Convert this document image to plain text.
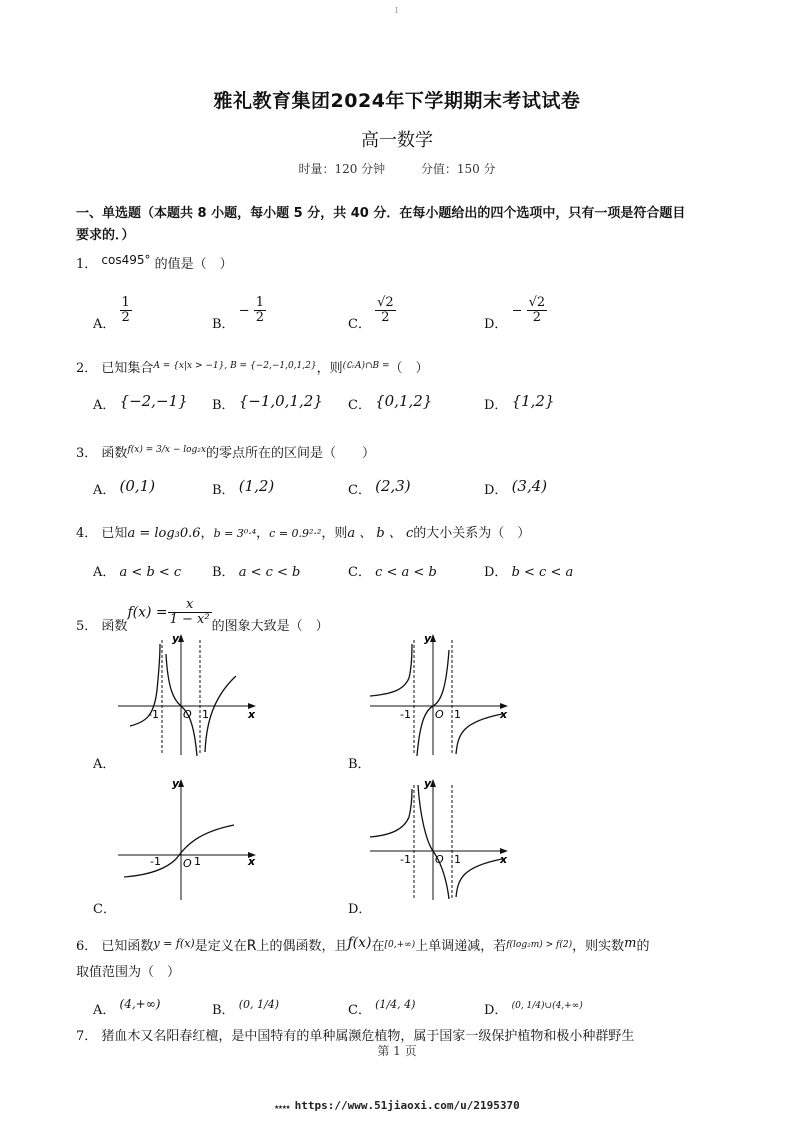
I
雅礼教育集团2024年下学期期末考试试卷
高一数学
时量：120 分钟	分值：150 分
一、单选题（本题共 8 小题，每小题 5 分，共 40 分．在每小题给出的四个选项中，只有一项是符合题目
要求的．）
1． cos495° 的值是（　）
A． $\frac{1}{2}$	B． − $\frac{1}{2}$	C． $\frac{√2}{2}$	D． − $\frac{√2}{2}$
2． 已知集合$^{A = \{x|x > -1\}, B = \{-2,-1,0,1,2\}}$，则$^{(∁ᵣA)\cap B =}$（　）
A． {−2,−1} B． {−1,0,1,2} C． {0,1,2}	D． {1,2}
3． 函数$^{f(x) = 3/x - log_2x}$的零点所在的区间是（　　）
A． (0,1)	B． (1,2)	C． (2,3)	D． (3,4)
4． 已知a = log₃0.6，b = 3⁰·⁴，c = 0.9²·²，则a 、 b 、 c的大小关系为（　）
A． a < b < c B． a < c < b	C． c < a < b	D． b < c < a
5． 函数$f(x) = \frac{x}{\text{1 − x²}}$ 的图象大致是（　）
y
x
O
-1	1
A．
y
x
O
-1	1
B．
y
x
O
-1	1
C．
y
x
O
-1	1
D．
6． 已知函数$^{y = f(x)}$是定义在R上的偶函数，且f(x)在$^{[0,+\infty)}$上单调递减，若$^{f(log_2m) > f(2)}$，则实数m的
取值范围为（　）
A． (4,+∞)	B． (0, 1/4)	C． (1/4, 4)	D． (0, 1/4)∪(4,+∞)
7． 猪血木又名阳春红檀，是中国特有的单种属濒危植物，属于国家一级保护植物和极小种群野生
第 1 页
★★★★ https://www.51jiaoxi.com/u/2195370
